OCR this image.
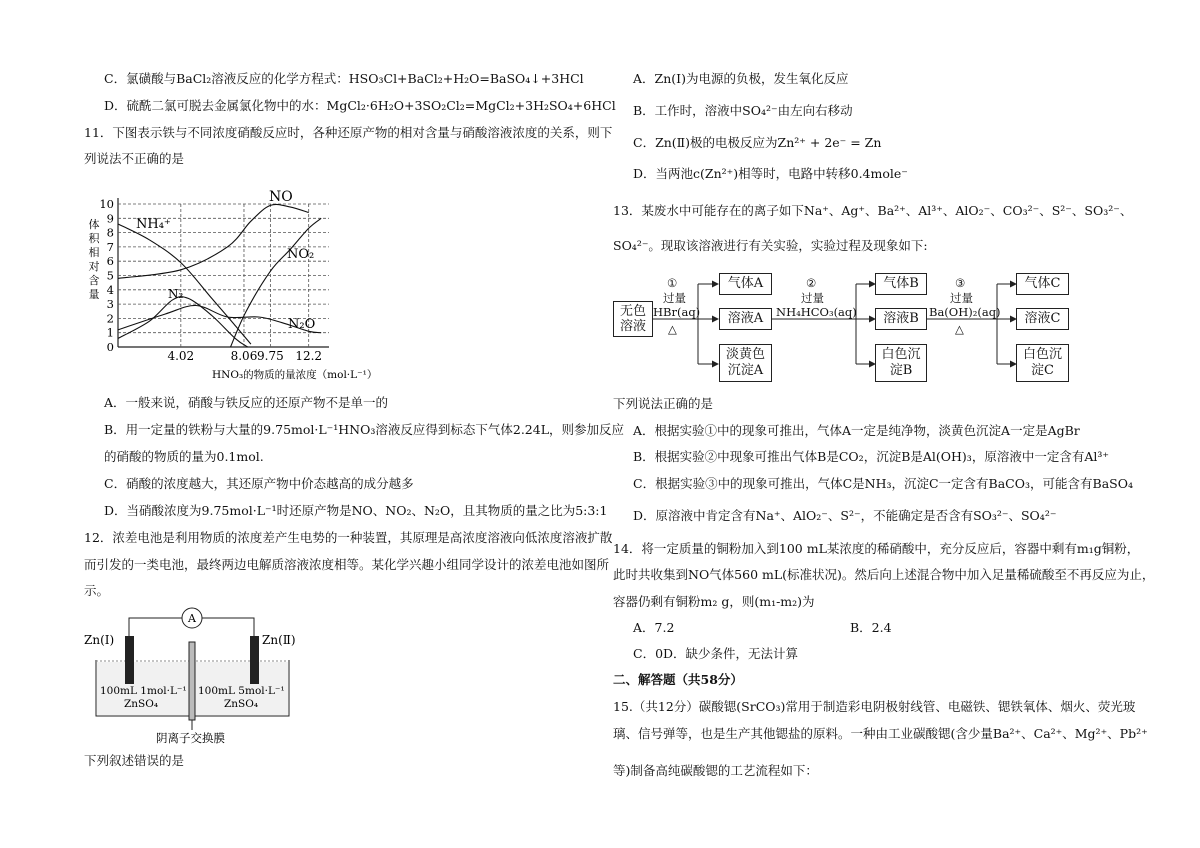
C．氯磺酸与BaCl₂溶液反应的化学方程式：HSO₃Cl+BaCl₂+H₂O=BaSO₄↓+3HCl
D．硫酰二氯可脱去金属氯化物中的水：MgCl₂·6H₂O+3SO₂Cl₂=MgCl₂+3H₂SO₄+6HCl
11．下图表示铁与不同浓度硝酸反应时，各种还原产物的相对含量与硝酸溶液浓度的关系，则下
列说法不正确的是
0
1
2
3
4
5
6
7
8
9
10
4.02	8.06 9.75 12.2
体
积
相
对
含
量
NH₄⁺
NO
NO₂
N₂
N₂O
HNO₃的物质的量浓度（mol·L⁻¹）
A．一般来说，硝酸与铁反应的还原产物不是单一的
B．用一定量的铁粉与大量的9.75mol·L⁻¹HNO₃溶液反应得到标态下气体2.24L，则参加反应
的硝酸的物质的量为0.1mol.
C．硝酸的浓度越大，其还原产物中价态越高的成分越多
D．当硝酸浓度为9.75mol·L⁻¹时还原产物是NO、NO₂、N₂O，且其物质的量之比为5:3:1
12．浓差电池是利用物质的浓度差产生电势的一种装置，其原理是高浓度溶液向低浓度溶液扩散
而引发的一类电池，最终两边电解质溶液浓度相等。某化学兴趣小组同学设计的浓差电池如图所
示。
A
Zn(Ⅰ)	Zn(Ⅱ)
100mL 1mol·L⁻¹
ZnSO₄
100mL 5mol·L⁻¹
ZnSO₄
阴离子交换膜
下列叙述错误的是
A．Zn(Ⅰ)为电源的负极，发生氧化反应
B．工作时，溶液中SO₄²⁻由左向右移动
C．Zn(Ⅱ)极的电极反应为Zn²⁺ + 2e⁻ = Zn
D．当两池c(Zn²⁺)相等时，电路中转移0.4mole⁻
13．某废水中可能存在的离子如下Na⁺、Ag⁺、Ba²⁺、Al³⁺、AlO₂⁻、CO₃²⁻、S²⁻、SO₃²⁻、
SO₄²⁻。现取该溶液进行有关实验，实验过程及现象如下:
无色溶液
①
过量
HBr(aq)
△
气体A
溶液A
淡黄色沉淀A
②
过量
NH₄HCO₃(aq)
气体B
溶液B
白色沉淀B
③
过量
Ba(OH)₂(aq)
△
气体C
溶液C
白色沉淀C
下列说法正确的是
A．根据实验①中的现象可推出，气体A一定是纯净物，淡黄色沉淀A一定是AgBr
B．根据实验②中现象可推出气体B是CO₂，沉淀B是Al(OH)₃，原溶液中一定含有Al³⁺
C．根据实验③中的现象可推出，气体C是NH₃，沉淀C一定含有BaCO₃，可能含有BaSO₄
D．原溶液中肯定含有Na⁺、AlO₂⁻、S²⁻，不能确定是否含有SO₃²⁻、SO₄²⁻
14．将一定质量的铜粉加入到100 mL某浓度的稀硝酸中，充分反应后，容器中剩有m₁g铜粉，
此时共收集到NO气体560 mL(标准状况)。然后向上述混合物中加入足量稀硫酸至不再反应为止，
容器仍剩有铜粉m₂ g，则(m₁-m₂)为
A．7.2	B．2.4
C．0D．缺少条件，无法计算
二、解答题（共58分）
15.（共12分）碳酸锶(SrCO₃)常用于制造彩电阴极射线管、电磁铁、锶铁氧体、烟火、荧光玻
璃、信号弹等，也是生产其他锶盐的原料。一种由工业碳酸锶(含少量Ba²⁺、Ca²⁺、Mg²⁺、Pb²⁺
等)制备高纯碳酸锶的工艺流程如下：
